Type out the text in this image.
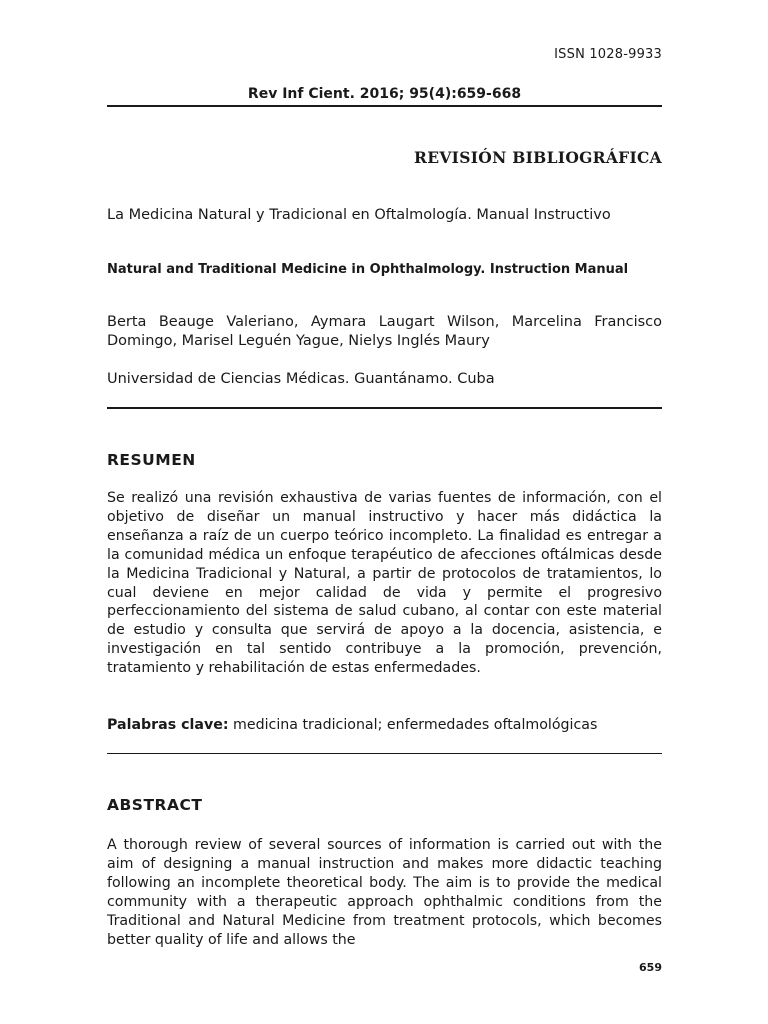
ISSN 1028-9933
Rev Inf Cient. 2016; 95(4):659-668
REVISIÓN BIBLIOGRÁFICA
La Medicina Natural y Tradicional en Oftalmología. Manual Instructivo
Natural and Traditional Medicine in Ophthalmology. Instruction Manual
Berta Beauge Valeriano, Aymara Laugart Wilson, Marcelina Francisco Domingo, Marisel Leguén Yague, Nielys Inglés Maury
Universidad de Ciencias Médicas. Guantánamo. Cuba
RESUMEN
Se realizó una revisión exhaustiva de varias fuentes de información, con el objetivo de diseñar un manual instructivo y hacer más didáctica la enseñanza a raíz de un cuerpo teórico incompleto. La finalidad es entregar a la comunidad médica un enfoque terapéutico de afecciones oftálmicas desde la Medicina Tradicional y Natural, a partir de protocolos de tratamientos, lo cual deviene en mejor calidad de vida y permite el progresivo perfeccionamiento del sistema de salud cubano, al contar con este material de estudio y consulta que servirá de apoyo a la docencia, asistencia, e investigación en tal sentido contribuye a la promoción, prevención, tratamiento y rehabilitación de estas enfermedades.
Palabras clave: medicina tradicional; enfermedades oftalmológicas
ABSTRACT
A thorough review of several sources of information is carried out with the aim of designing a manual instruction and makes more didactic teaching following an incomplete theoretical body. The aim is to provide the medical community with a therapeutic approach ophthalmic conditions from the Traditional and Natural Medicine from treatment protocols, which becomes better quality of life and allows the
659
